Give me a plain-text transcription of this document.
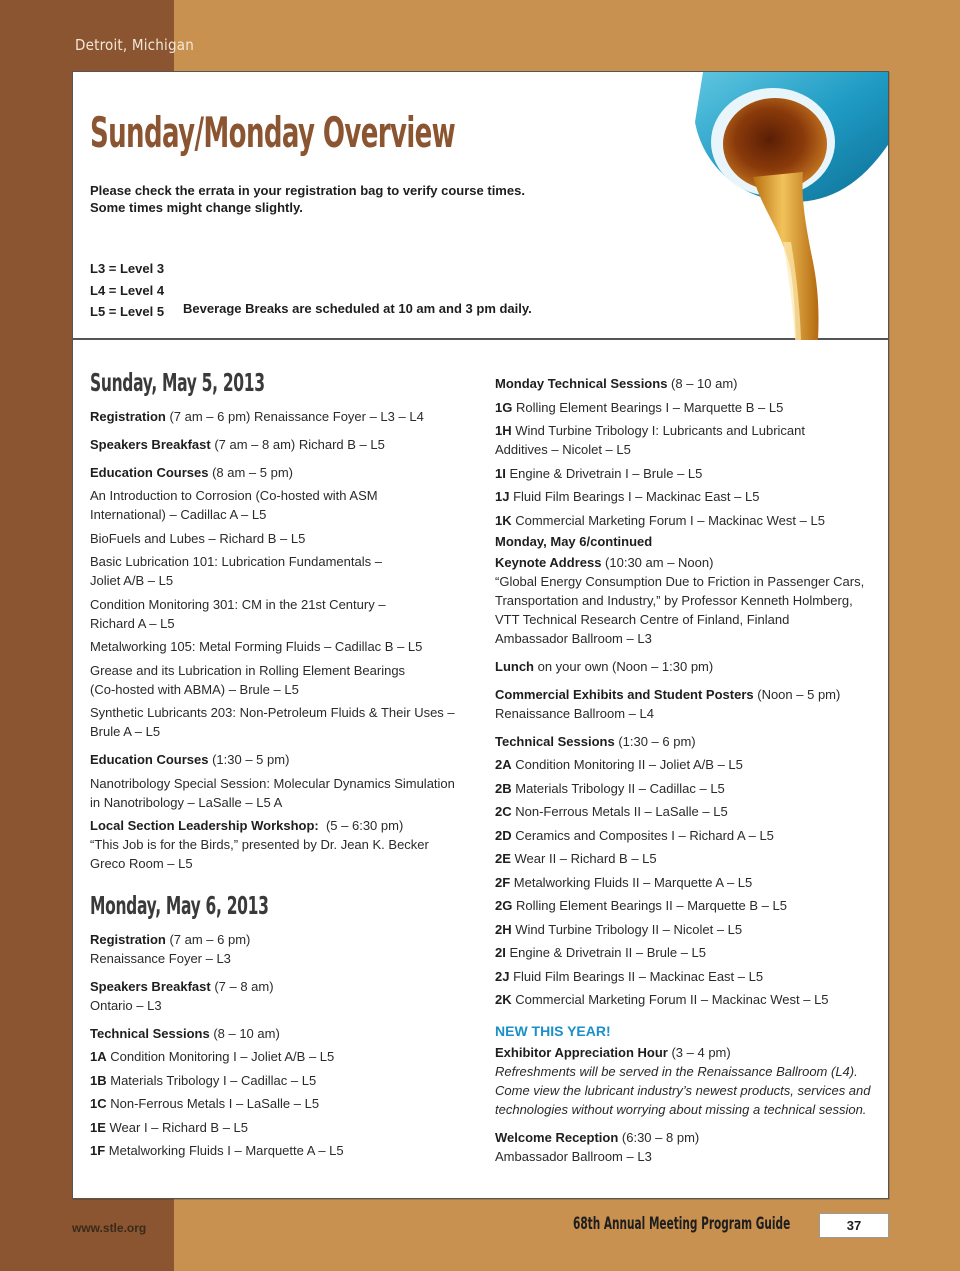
Detroit, Michigan
Sunday/Monday Overview
Please check the errata in your registration bag to verify course times.
Some times might change slightly.
L3 = Level 3
L4 = Level 4
L5 = Level 5 Beverage Breaks are scheduled at 10 am and 3 pm daily.
Sunday, May 5, 2013
Registration (7 am – 6 pm) Renaissance Foyer – L3 – L4
Speakers Breakfast (7 am – 8 am) Richard B – L5
Education Courses (8 am – 5 pm)
An Introduction to Corrosion (Co-hosted with ASM
International) – Cadillac A – L5
BioFuels and Lubes – Richard B – L5
Basic Lubrication 101: Lubrication Fundamentals –
Joliet A/B – L5
Condition Monitoring 301: CM in the 21st Century –
Richard A – L5
Metalworking 105: Metal Forming Fluids – Cadillac B – L5
Grease and its Lubrication in Rolling Element Bearings
(Co-hosted with ABMA) – Brule – L5
Synthetic Lubricants 203: Non-Petroleum Fluids & Their Uses –
Brule A – L5
Education Courses (1:30 – 5 pm)
Nanotribology Special Session: Molecular Dynamics Simulation
in Nanotribology – LaSalle – L5 A
Local Section Leadership Workshop:  (5 – 6:30 pm)
“This Job is for the Birds,” presented by Dr. Jean K. Becker
Greco Room – L5
Monday, May 6, 2013
Registration (7 am – 6 pm)
Renaissance Foyer – L3
Speakers Breakfast (7 – 8 am)
Ontario – L3
Technical Sessions (8 – 10 am)
1A Condition Monitoring I – Joliet A/B – L5
1B Materials Tribology I – Cadillac – L5
1C Non-Ferrous Metals I – LaSalle – L5
1E Wear I – Richard B – L5
1F Metalworking Fluids I – Marquette A – L5
Monday Technical Sessions (8 – 10 am)
1G Rolling Element Bearings I – Marquette B – L5
1H Wind Turbine Tribology I: Lubricants and Lubricant
Additives – Nicolet – L5
1I Engine & Drivetrain I – Brule – L5
1J Fluid Film Bearings I – Mackinac East – L5
1K Commercial Marketing Forum I – Mackinac West – L5
Monday, May 6/continued
Keynote Address (10:30 am – Noon)
“Global Energy Consumption Due to Friction in Passenger Cars,
Transportation and Industry,” by Professor Kenneth Holmberg,
VTT Technical Research Centre of Finland, Finland
Ambassador Ballroom – L3
Lunch on your own (Noon – 1:30 pm)
Commercial Exhibits and Student Posters (Noon – 5 pm)
Renaissance Ballroom – L4
Technical Sessions (1:30 – 6 pm)
2A Condition Monitoring II – Joliet A/B – L5
2B Materials Tribology II – Cadillac – L5
2C Non-Ferrous Metals II – LaSalle – L5
2D Ceramics and Composites I – Richard A – L5
2E Wear II – Richard B – L5
2F Metalworking Fluids II – Marquette A – L5
2G Rolling Element Bearings II – Marquette B – L5
2H Wind Turbine Tribology II – Nicolet – L5
2I Engine & Drivetrain II – Brule – L5
2J Fluid Film Bearings II – Mackinac East – L5
2K Commercial Marketing Forum II – Mackinac West – L5
NEW THIS YEAR!
Exhibitor Appreciation Hour (3 – 4 pm)
Refreshments will be served in the Renaissance Ballroom (L4).
Come view the lubricant industry’s newest products, services and
technologies without worrying about missing a technical session.
Welcome Reception (6:30 – 8 pm)
Ambassador Ballroom – L3
www.stle.org	68th Annual Meeting Program Guide	37
